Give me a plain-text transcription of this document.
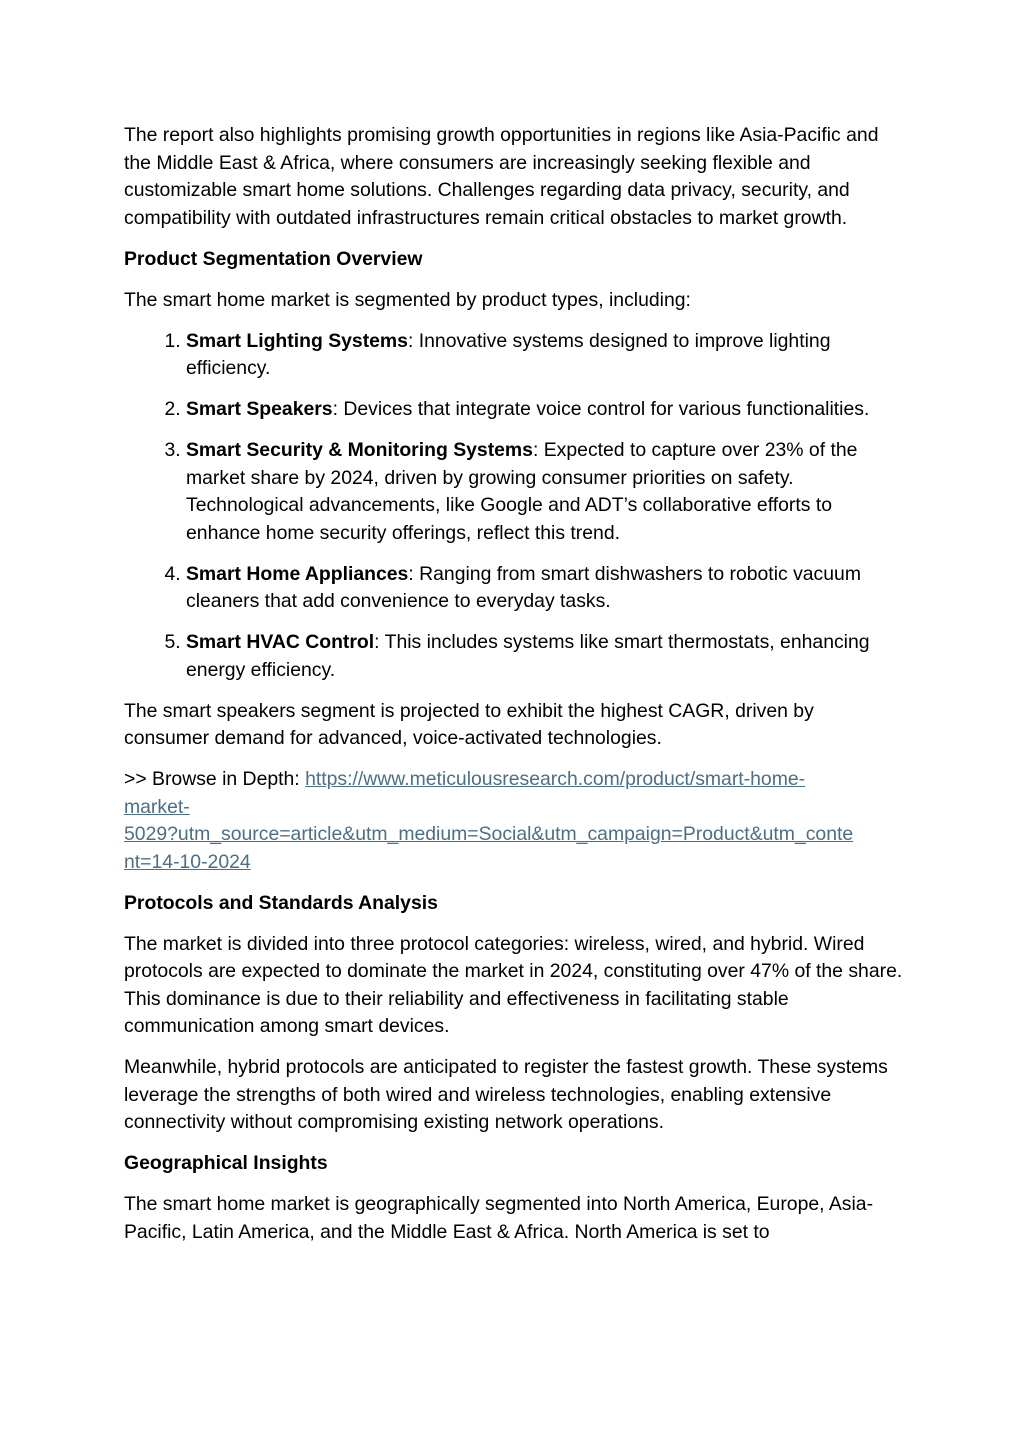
The report also highlights promising growth opportunities in regions like Asia-Pacific and the Middle East & Africa, where consumers are increasingly seeking flexible and customizable smart home solutions. Challenges regarding data privacy, security, and compatibility with outdated infrastructures remain critical obstacles to market growth.

Product Segmentation Overview

The smart home market is segmented by product types, including:

1. Smart Lighting Systems: Innovative systems designed to improve lighting efficiency.
2. Smart Speakers: Devices that integrate voice control for various functionalities.
3. Smart Security & Monitoring Systems: Expected to capture over 23% of the market share by 2024, driven by growing consumer priorities on safety. Technological advancements, like Google and ADT’s collaborative efforts to enhance home security offerings, reflect this trend.
4. Smart Home Appliances: Ranging from smart dishwashers to robotic vacuum cleaners that add convenience to everyday tasks.
5. Smart HVAC Control: This includes systems like smart thermostats, enhancing energy efficiency.

The smart speakers segment is projected to exhibit the highest CAGR, driven by consumer demand for advanced, voice-activated technologies.

>> Browse in Depth: https://www.meticulousresearch.com/product/smart-home-
market-
5029?utm_source=article&utm_medium=Social&utm_campaign=Product&utm_conte
nt=14-10-2024

Protocols and Standards Analysis

The market is divided into three protocol categories: wireless, wired, and hybrid. Wired protocols are expected to dominate the market in 2024, constituting over 47% of the share. This dominance is due to their reliability and effectiveness in facilitating stable communication among smart devices.

Meanwhile, hybrid protocols are anticipated to register the fastest growth. These systems leverage the strengths of both wired and wireless technologies, enabling extensive connectivity without compromising existing network operations.

Geographical Insights

The smart home market is geographically segmented into North America, Europe, Asia-Pacific, Latin America, and the Middle East & Africa. North America is set to
